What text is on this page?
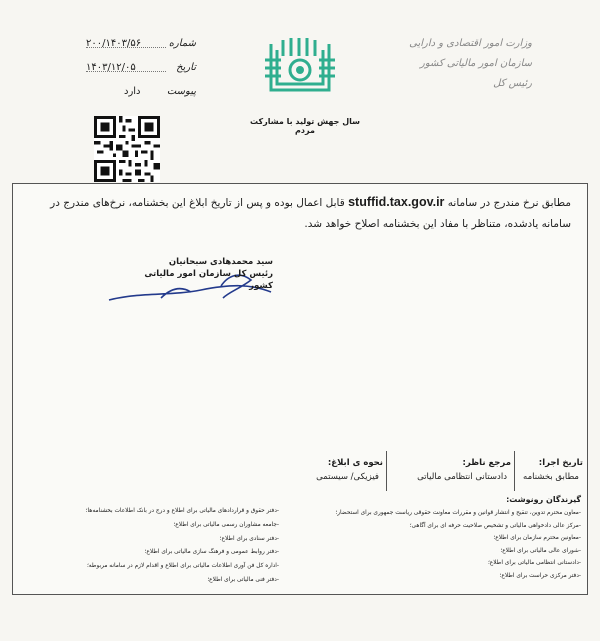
شماره
۲۰۰/۱۴۰۳/۵۶
تاریخ
۱۴۰۳/۱۲/۰۵
پیوست
دارد
سال جهش تولید با مشارکت مردم
وزارت امور اقتصادی و دارایی
سازمان امور مالیاتی کشور
رئیس کل
مطابق نرخ مندرج در سامانه stuffid.tax.gov.ir قابل اعمال بوده و پس از تاریخ ابلاغ این بخشنامه، نرخ‌های مندرج در سامانه یادشده، متناظر با مفاد این بخشنامه اصلاح خواهد شد.
سید محمدهادی سبحانیان
رئیس کل سازمان امور مالیاتی کشور
تاریخ اجرا:
مطابق بخشنامه
مرجع ناظر:
دادستانی انتظامی مالیاتی
نحوه ی ابلاغ:
فیزیکی/ سیستمی
گیرندگان رونوشت:
-معاون محترم تدوین، تنقیح و انتشار قوانین و مقررات معاونت حقوقی ریاست جمهوری برای استحضار؛
-مرکز عالی دادخواهی مالیاتی و تشخیص صلاحیت حرفه ای برای آگاهی؛
-معاونین محترم سازمان برای اطلاع؛
-شورای عالی مالیاتی برای اطلاع؛
-دادستانی انتظامی مالیاتی برای اطلاع؛
-دفتر مرکزی حراست برای اطلاع؛
-دفتر حقوق و قراردادهای مالیاتی برای اطلاع و درج در بانک اطلاعات بخشنامه‌ها؛
-جامعه مشاوران رسمی مالیاتی برای اطلاع؛
-دفتر سنادی برای اطلاع؛
-دفتر روابط عمومی و فرهنگ سازی مالیاتی برای اطلاع؛
-اداره کل فن آوری اطلاعات مالیاتی برای اطلاع و اقدام لازم در سامانه مربوطه؛
-دفتر فنی مالیاتی برای اطلاع؛
